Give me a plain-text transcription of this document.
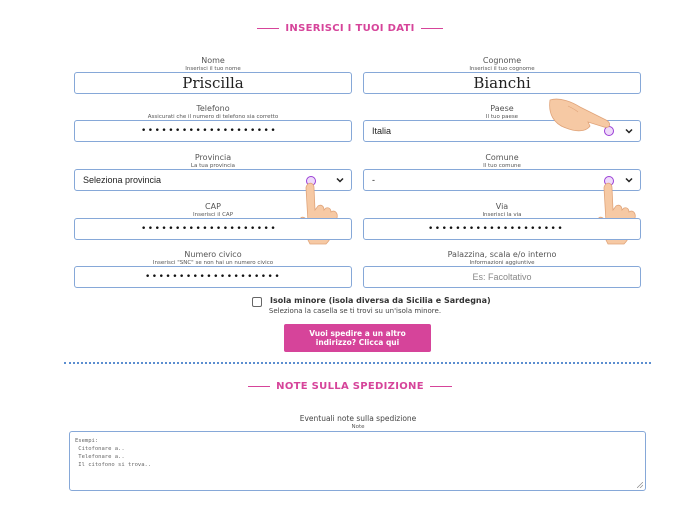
INSERISCI I TUOI DATI
Nome
Inserisci il tuo nome
Priscilla
Cognome
Inserisci il tuo cognome
Bianchi
Telefono
Assicurati che il numero di telefono sia corretto
••••••••••••••••••••
Paese
Il tuo paese
Italia
Provincia
La tua provincia
Seleziona provincia
Comune
Il tuo comune
-
CAP
Inserisci il CAP
••••••••••••••••••••
Via
Inserisci la via
••••••••••••••••••••
Numero civico
Inserisci "SNC" se non hai un numero civico
••••••••••••••••••••
Palazzina, scala e/o interno
Informazioni aggiuntive
Es: Facoltativo
Isola minore (isola diversa da Sicilia e Sardegna)
Seleziona la casella se ti trovi su un'isola minore.
Vuoi spedire a un altro indirizzo? Clicca qui
NOTE SULLA SPEDIZIONE
Eventuali note sulla spedizione
Note
Esempi:
Citofonare a..
Telefonare a..
Il citofono si trova..
